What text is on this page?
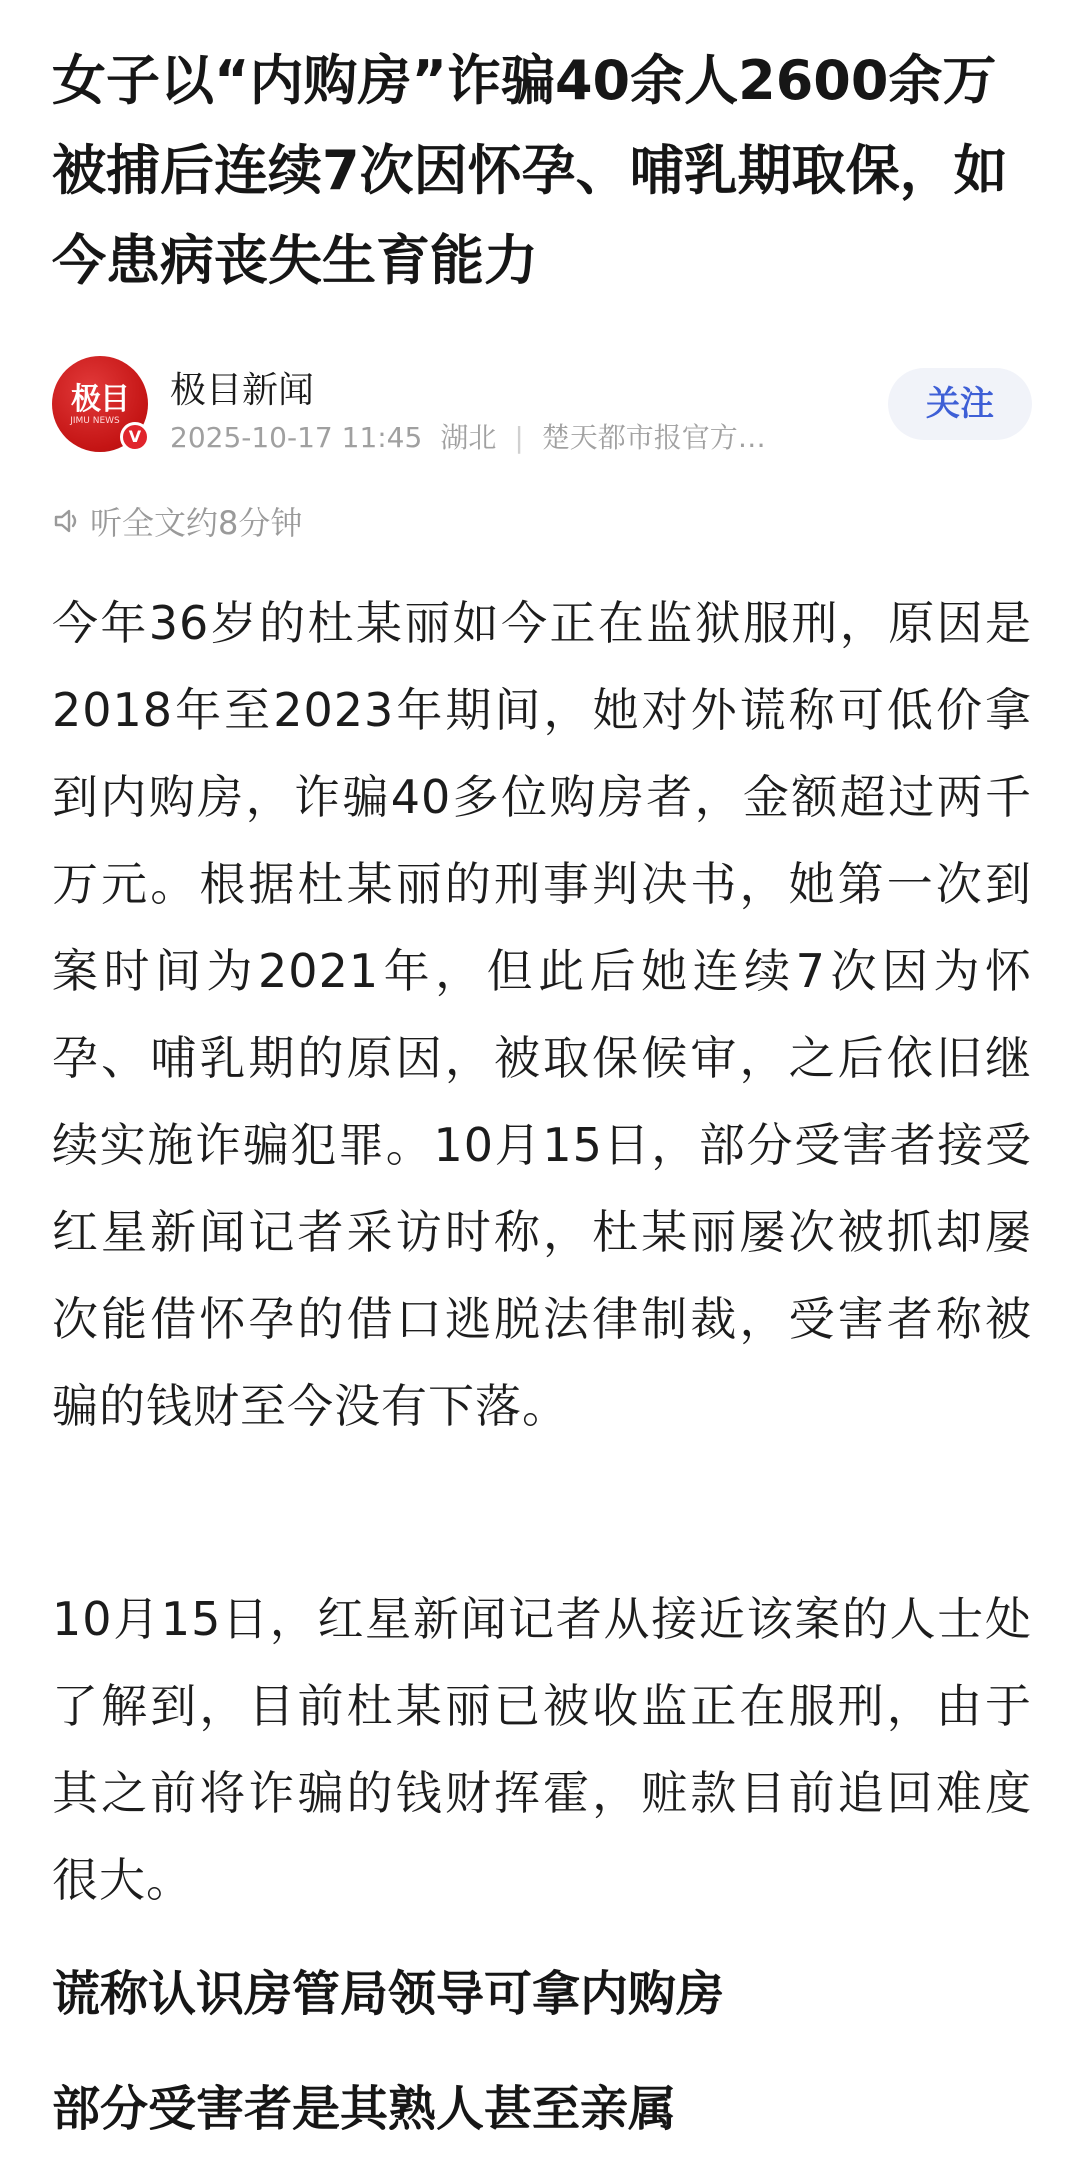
女子以“内购房”诈骗40余人2600余万 被捕后连续7次因怀孕、哺乳期取保，如今患病丧失生育能力
极目
JIMU NEWS
V
极目新闻
2025-10-17 11:45 湖北 | 楚天都市报官方…
关注
听全文约8分钟
今年36岁的杜某丽如今正在监狱服刑，原因是2018年至2023年期间，她对外谎称可低价拿到内购房，诈骗40多位购房者，金额超过两千万元。根据杜某丽的刑事判决书，她第一次到案时间为2021年，但此后她连续7次因为怀孕、哺乳期的原因，被取保候审，之后依旧继续实施诈骗犯罪。10月15日，部分受害者接受红星新闻记者采访时称，杜某丽屡次被抓却屡次能借怀孕的借口逃脱法律制裁，受害者称被骗的钱财至今没有下落。
10月15日，红星新闻记者从接近该案的人士处了解到，目前杜某丽已被收监正在服刑，由于其之前将诈骗的钱财挥霍，赃款目前追回难度很大。
谎称认识房管局领导可拿内购房
部分受害者是其熟人甚至亲属
